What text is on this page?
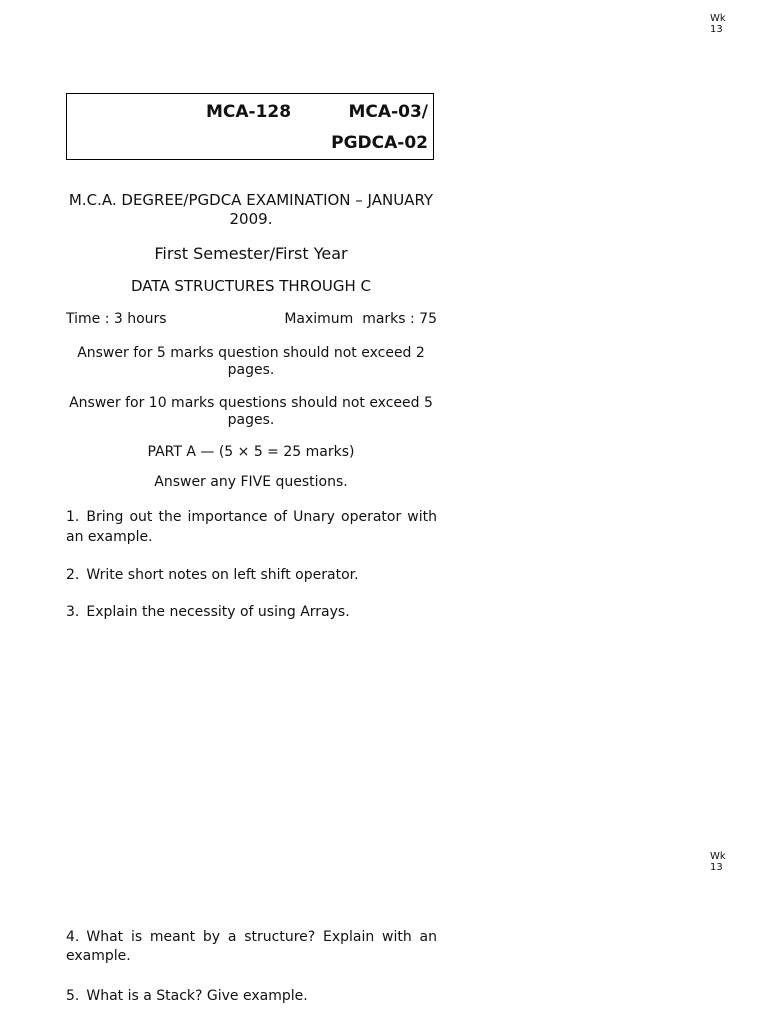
Wk
13
MCA-128	MCA-03/
PGDCA-02
M.C.A. DEGREE/PGDCA EXAMINATION – JANUARY 2009.
First Semester/First Year
DATA STRUCTURES THROUGH C
Time : 3 hours	Maximum  marks : 75
Answer for 5 marks question should not exceed 2 pages.
Answer for 10 marks questions should not exceed 5 pages.
PART A — (5 × 5 = 25 marks)
Answer any FIVE questions.
1. Bring out the importance of Unary operator with an example.
2. Write short notes on left shift operator.
3. Explain the necessity of using Arrays.
Wk
13
4. What is meant by a structure? Explain with an example.
5. What is a Stack? Give example.
